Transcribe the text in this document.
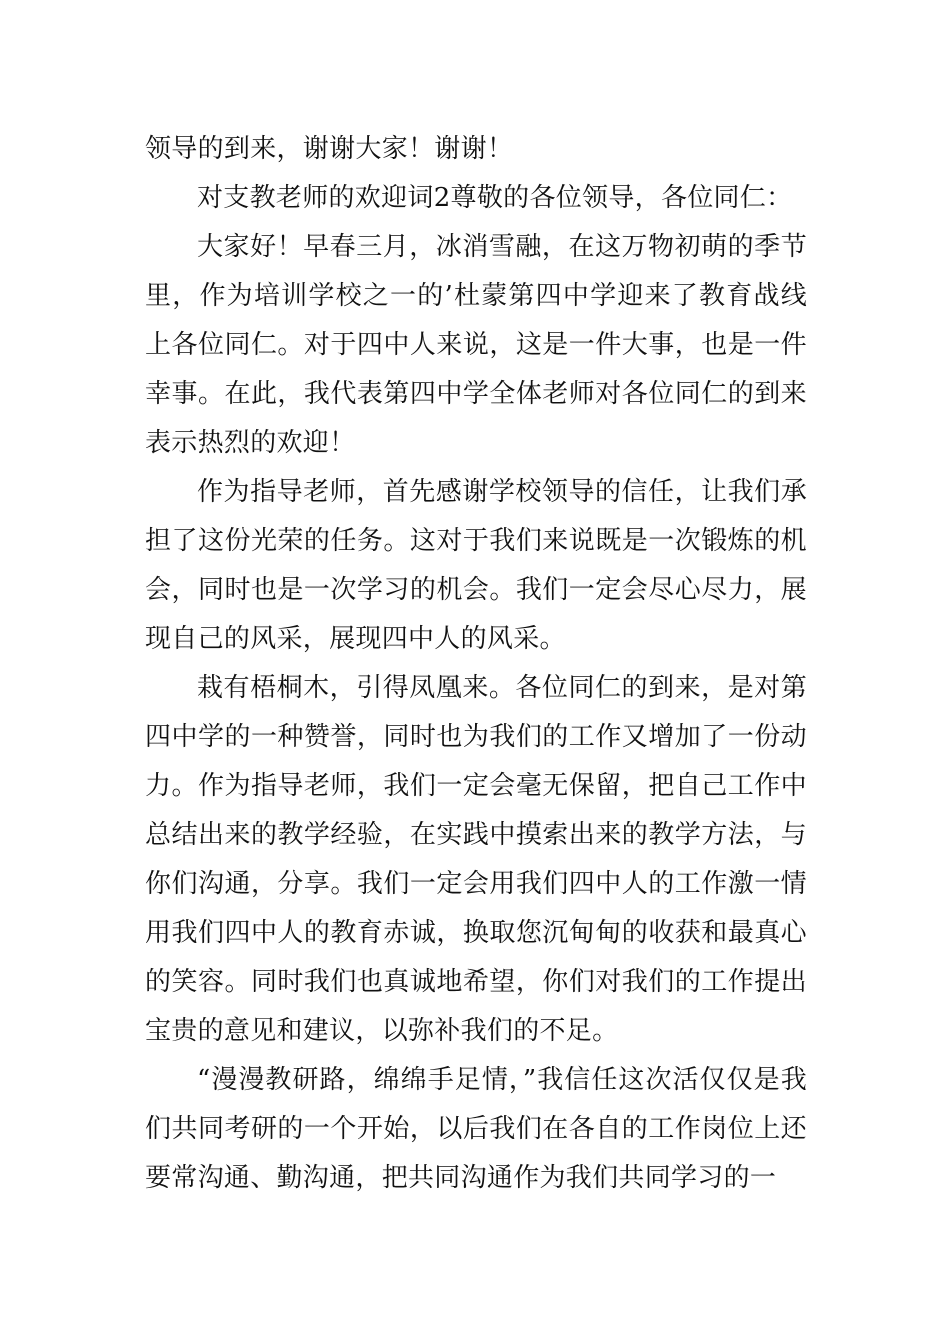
领导的到来，谢谢大家！谢谢！

对支教老师的欢迎词2尊敬的各位领导，各位同仁：

大家好！早春三月，冰消雪融，在这万物初萌的季节里，作为培训学校之一的’杜蒙第四中学迎来了教育战线上各位同仁。对于四中人来说，这是一件大事，也是一件幸事。在此，我代表第四中学全体老师对各位同仁的到来表示热烈的欢迎！

作为指导老师，首先感谢学校领导的信任，让我们承担了这份光荣的任务。这对于我们来说既是一次锻炼的机会，同时也是一次学习的机会。我们一定会尽心尽力，展现自己的风采，展现四中人的风采。

栽有梧桐木，引得凤凰来。各位同仁的到来，是对第四中学的一种赞誉，同时也为我们的工作又增加了一份动力。作为指导老师，我们一定会毫无保留，把自己工作中总结出来的教学经验，在实践中摸索出来的教学方法，与你们沟通，分享。我们一定会用我们四中人的工作激一情用我们四中人的教育赤诚，换取您沉甸甸的收获和最真心的笑容。同时我们也真诚地希望，你们对我们的工作提出宝贵的意见和建议，以弥补我们的不足。

“漫漫教研路，绵绵手足情，”我信任这次活仅仅是我们共同考研的一个开始，以后我们在各自的工作岗位上还要常沟通、勤沟通，把共同沟通作为我们共同学习的一
